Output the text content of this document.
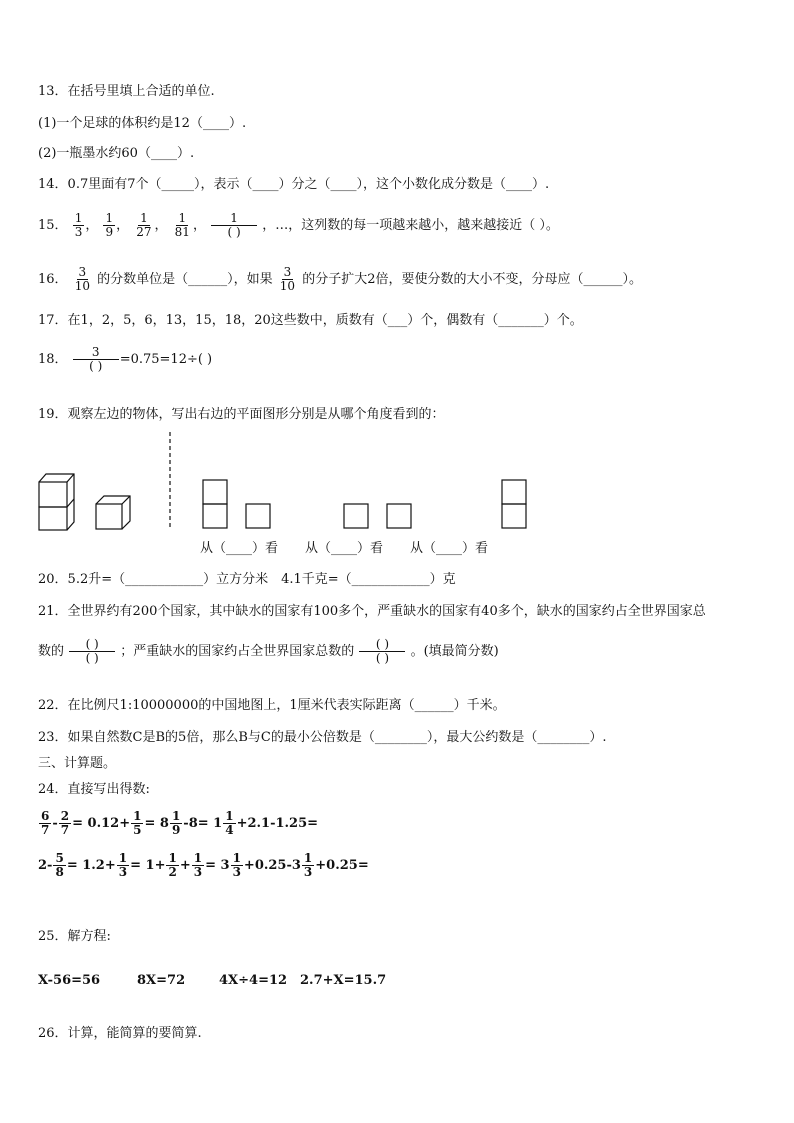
13．在括号里填上合适的单位.
(1)一个足球的体积约是12（____）.
(2)一瓶墨水约60（____）.
14．0.7里面有7个（_____），表示（____）分之（____），这个小数化成分数是（____）.
15． $\frac{1}{3}$ ， $\frac{1}{9}$ ， $\frac{1}{27}$ ， $\frac{1}{81}$ ， $\frac{1}{( )}$ ，…，这列数的每一项越来越小，越来越接近（ ）。
16． $\frac{3}{10}$ 的分数单位是（______），如果 $\frac{3}{10}$ 的分子扩大2倍，要使分数的大小不变，分母应（______）。
17．在1，2，5，6，13，15，18，20这些数中，质数有（___）个，偶数有（_______）个。
18． $\frac{3}{( )} =0.75=12\div$( )
19．观察左边的物体，写出右边的平面图形分别是从哪个角度看到的：
从（____）看 从（____）看 从（____）看
20．5.2升=（____________）立方分米　4.1千克=（____________）克
21．全世界约有200个国家，其中缺水的国家有100多个，严重缺水的国家有40多个，缺水的国家约占全世界国家总
数的 $\frac{( )}{( )}$ ；严重缺水的国家约占全世界国家总数的 $\frac{( )}{( )}$ 。(填最简分数)
22．在比例尺1:10000000的中国地图上，1厘米代表实际距离（______）千米。
23．如果自然数C是B的5倍，那么B与C的最小公倍数是（________），最大公约数是（________）.
三、计算题。
24．直接写出得数:
$\frac{6}{7} - \frac{2}{7} = 0.12+ \frac{1}{5} = 8 \frac{1}{9} -8= 1 \frac{1}{4} +2.1-1.25=$
$2- \frac{5}{8} = 1.2+ \frac{1}{3} = 1+ \frac{1}{2} + \frac{1}{3} = 3 \frac{1}{3} +0.25-3 \frac{1}{3} +0.25=$
25．解方程:
X-56=56	8X=72	4X÷4=12 2.7+X=15.7
26．计算，能简算的要简算.
